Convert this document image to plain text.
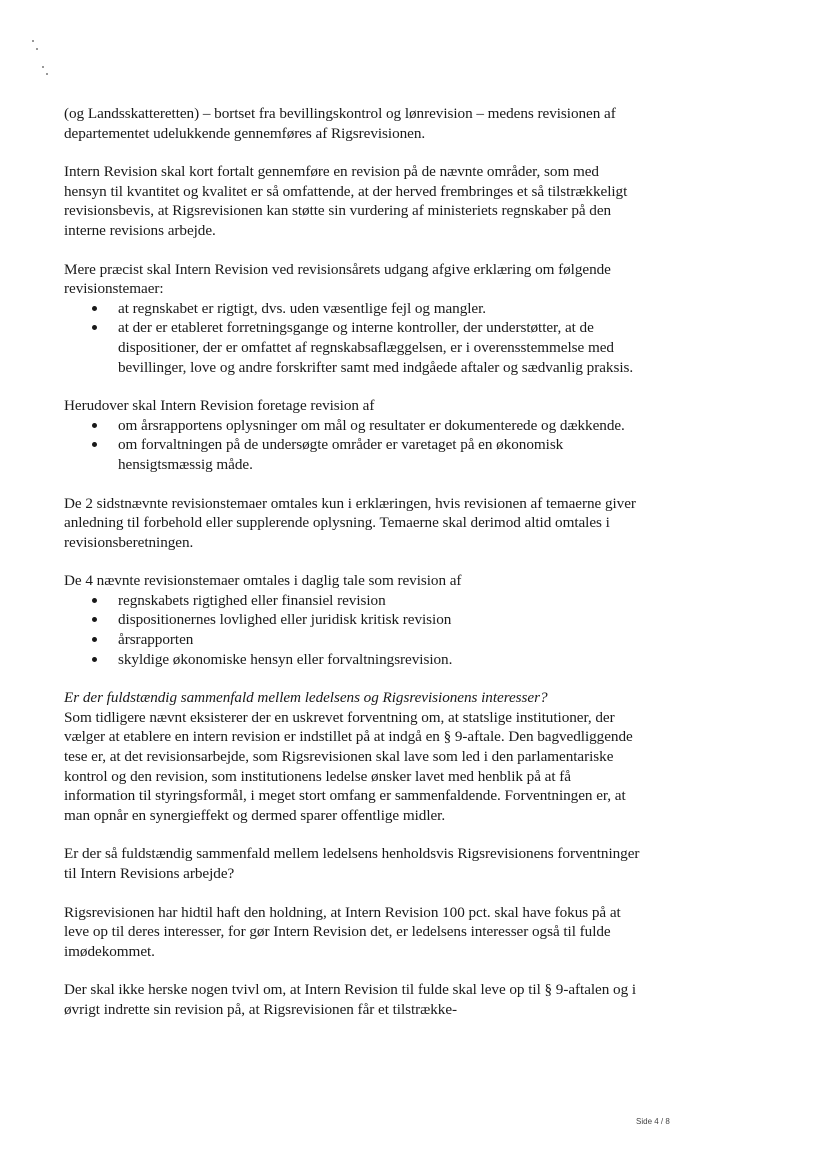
(og Landsskatteretten) – bortset fra bevillingskontrol og lønrevision – medens revisionen af departementet udelukkende gennemføres af Rigsrevisionen.

Intern Revision skal kort fortalt gennemføre en revision på de nævnte områder, som med hensyn til kvantitet og kvalitet er så omfattende, at der herved frembringes et så tilstrækkeligt revisionsbevis, at Rigsrevisionen kan støtte sin vurdering af ministeriets regnskaber på den interne revisions arbejde.

Mere præcist skal Intern Revision ved revisionsårets udgang afgive erklæring om følgende revisionstemaer:
at regnskabet er rigtigt, dvs. uden væsentlige fejl og mangler.
at der er etableret forretningsgange og interne kontroller, der understøtter, at de dispositioner, der er omfattet af regnskabsaflæggelsen, er i overensstemmelse med bevillinger, love og andre forskrifter samt med indgåede aftaler og sædvanlig praksis.
Herudover skal Intern Revision foretage revision af
om årsrapportens oplysninger om mål og resultater er dokumenterede og dækkende.
om forvaltningen på de undersøgte områder er varetaget på en økonomisk hensigtsmæssig måde.

De 2 sidstnævnte revisionstemaer omtales kun i erklæringen, hvis revisionen af temaerne giver anledning til forbehold eller supplerende oplysning. Temaerne skal derimod altid omtales i revisionsberetningen.

De 4 nævnte revisionstemaer omtales i daglig tale som revision af
regnskabets rigtighed eller finansiel revision
dispositionernes lovlighed eller juridisk kritisk revision
årsrapporten
skyldige økonomiske hensyn eller forvaltningsrevision.
Er der fuldstændig sammenfald mellem ledelsens og Rigsrevisionens interesser?
Som tidligere nævnt eksisterer der en uskrevet forventning om, at statslige institutioner, der vælger at etablere en intern revision er indstillet på at indgå en § 9-aftale. Den bagvedliggende tese er, at det revisionsarbejde, som Rigsrevisionen skal lave som led i den parlamentariske kontrol og den revision, som institutionens ledelse ønsker lavet med henblik på at få information til styringsformål, i meget stort omfang er sammenfaldende. Forventningen er, at man opnår en synergieffekt og dermed sparer offentlige midler.

Er der så fuldstændig sammenfald mellem ledelsens henholdsvis Rigsrevisionens forventninger til Intern Revisions arbejde?

Rigsrevisionen har hidtil haft den holdning, at Intern Revision 100 pct. skal have fokus på at leve op til deres interesser, for gør Intern Revision det, er ledelsens interesser også til fulde imødekommet.

Der skal ikke herske nogen tvivl om, at Intern Revision til fulde skal leve op til § 9-aftalen og i øvrigt indrette sin revision på, at Rigsrevisionen får et tilstrække-

Side 4 / 8
